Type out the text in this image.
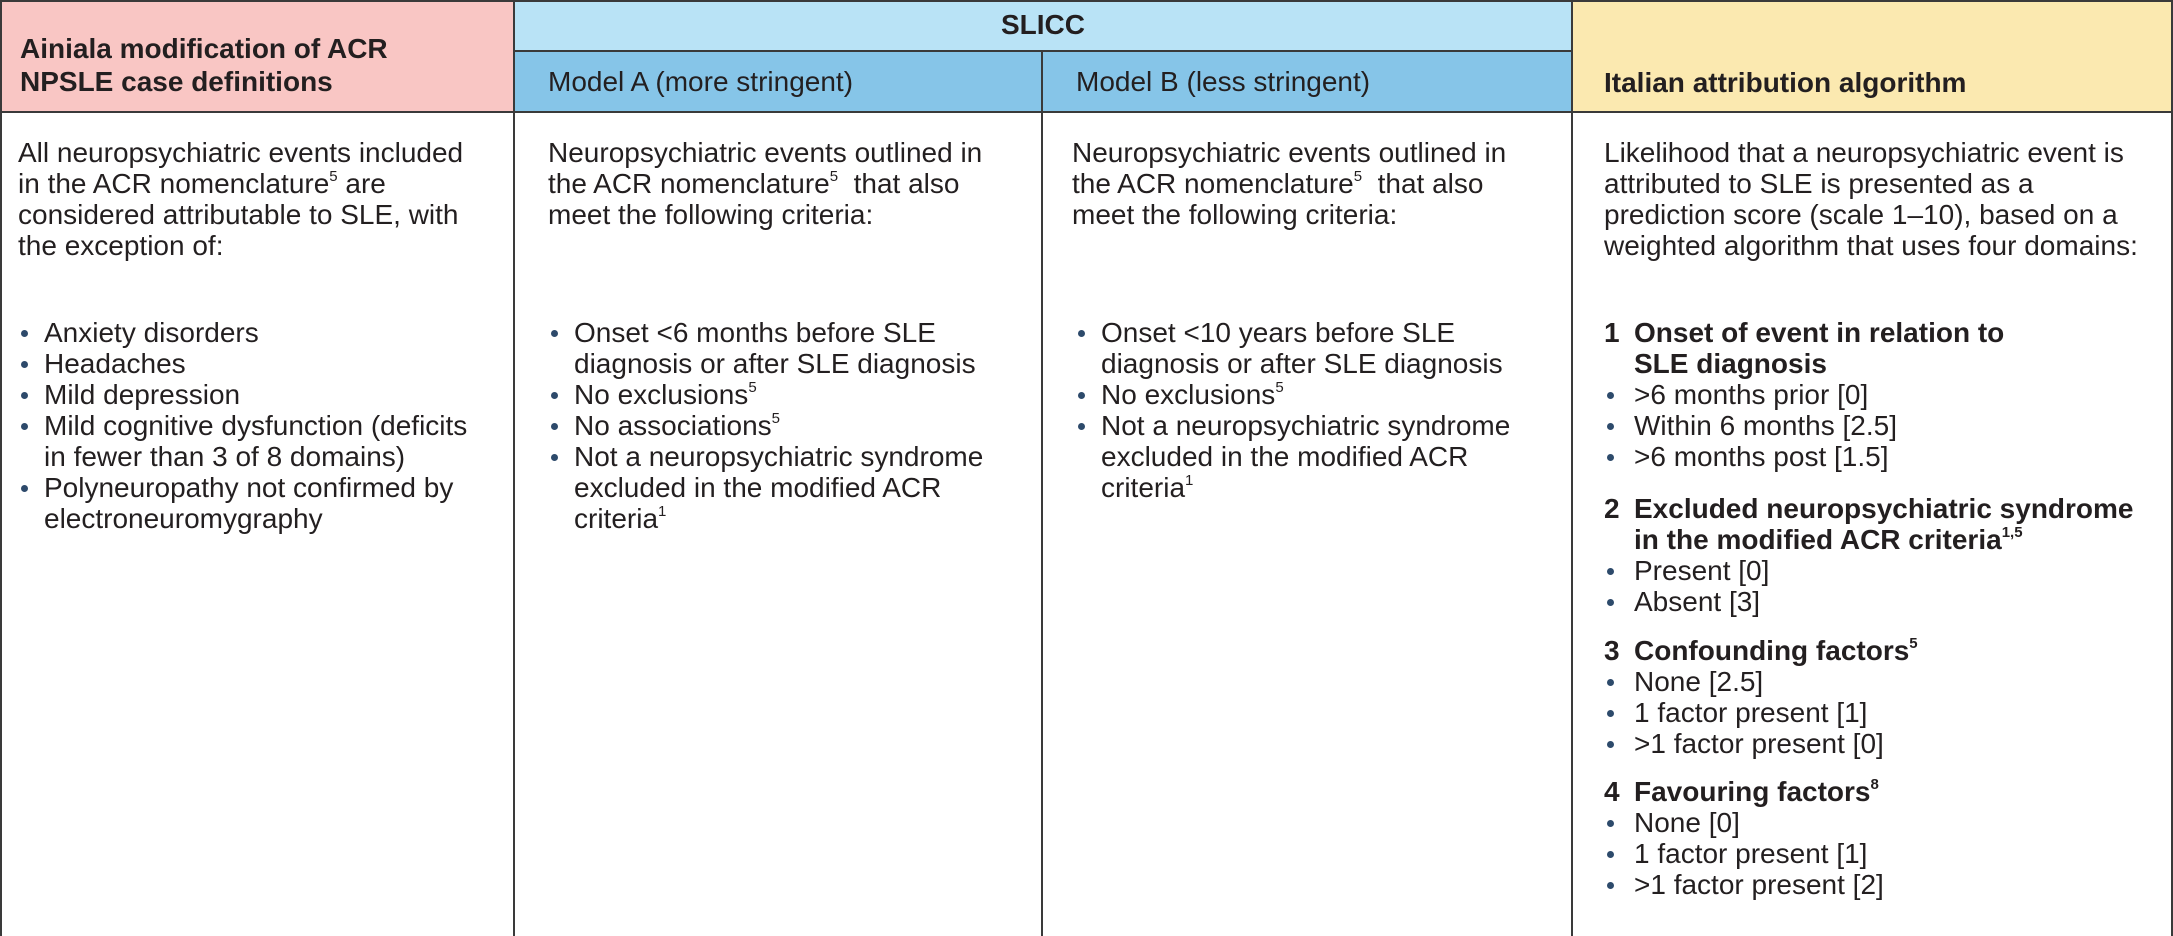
Ainiala modification of ACR
NPSLE case definitions
SLICC
Model A (more stringent)	Model B (less stringent)	Italian attribution algorithm
All neuropsychiatric events included
in the ACR nomenclature$^5$ are
considered attributable to SLE, with
the exception of:
Anxiety disorders
Headaches
Mild depression
Mild cognitive dysfunction (deficits
in fewer than 3 of 8 domains)
Polyneuropathy not confirmed by
electroneuromygraphy
Neuropsychiatric events outlined in
the ACR nomenclature$^5$  that also
meet the following criteria:
Onset <6 months before SLE
diagnosis or after SLE diagnosis
No exclusions$^5$
No associations$^5$
Not a neuropsychiatric syndrome
excluded in the modified ACR
criteria$^1$
Neuropsychiatric events outlined in
the ACR nomenclature$^5$  that also
meet the following criteria:
Onset <10 years before SLE
diagnosis or after SLE diagnosis
No exclusions$^5$
Not a neuropsychiatric syndrome
excluded in the modified ACR
criteria$^1$
Likelihood that a neuropsychiatric event is
attributed to SLE is presented as a
prediction score (scale 1–10), based on a
weighted algorithm that uses four domains:
1 Onset of event in relation to
SLE diagnosis
>6 months prior [0]
Within 6 months [2.5]
>6 months post [1.5]
2 Excluded neuropsychiatric syndrome
in the modified ACR criteria$^{1,5}$
Present [0]
Absent [3]
3 Confounding factors$^5$
None [2.5]
1 factor present [1]
>1 factor present [0]
4 Favouring factors$^8$
None [0]
1 factor present [1]
>1 factor present [2]
